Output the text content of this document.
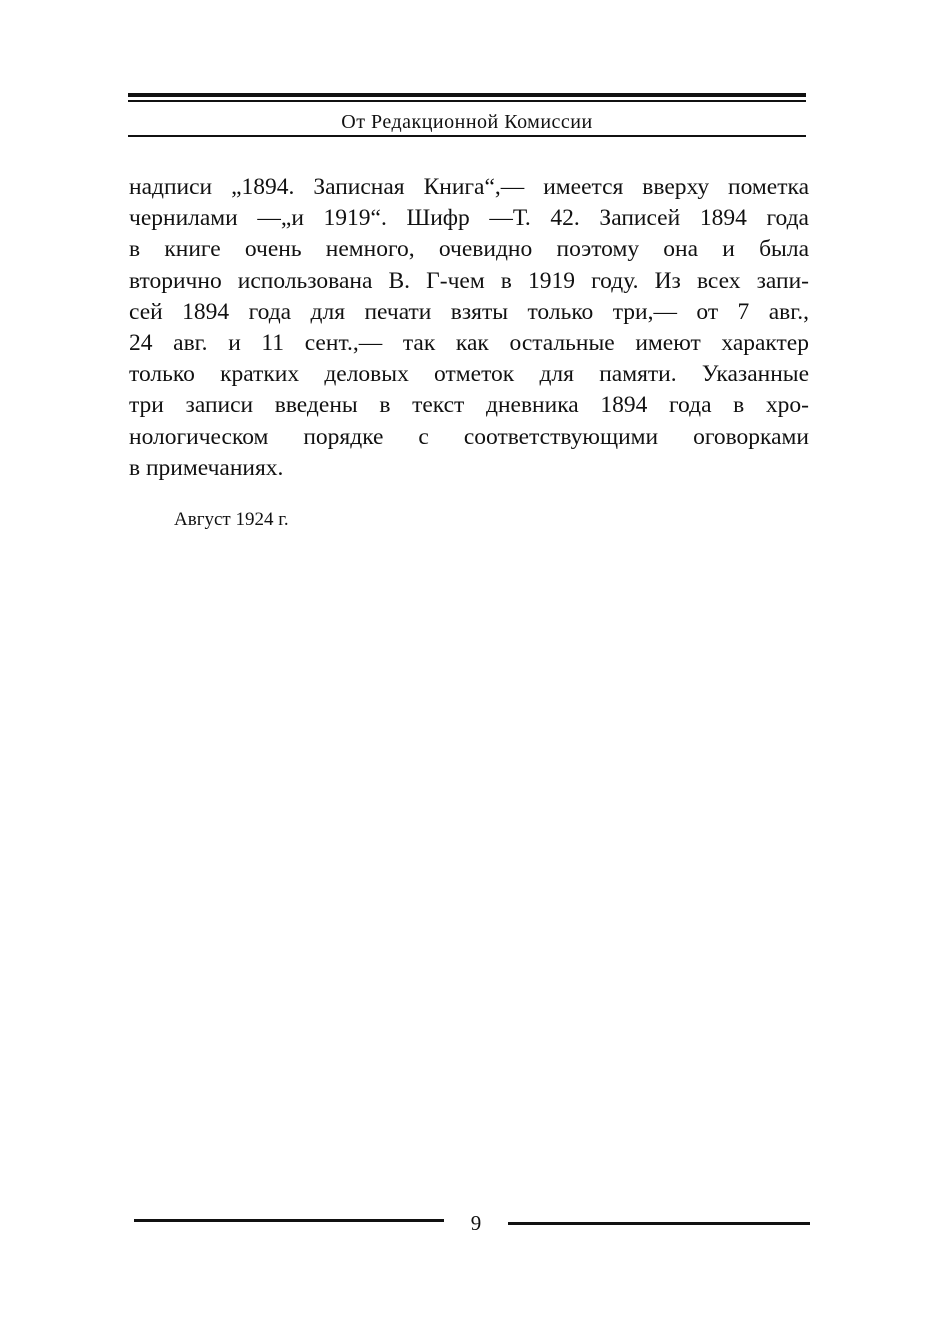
От Редакционной Комиссии
надписи „1894. Записная Книга“,— имеется вверху пометка
чернилами —„и 1919“. Шифр —Т. 42. Записей 1894 года
в книге очень немного, очевидно поэтому она и была
вторично использована В. Г-чем в 1919 году. Из всех запи-
сей 1894 года для печати взяты только три,— от 7 авг.,
24 авг. и 11 сент.,— так как остальные имеют характер
только кратких деловых отметок для памяти. Указанные
три записи введены в текст дневника 1894 года в хро-
нологическом порядке с соответствующими оговорками
в примечаниях.
Август 1924 г.
9
